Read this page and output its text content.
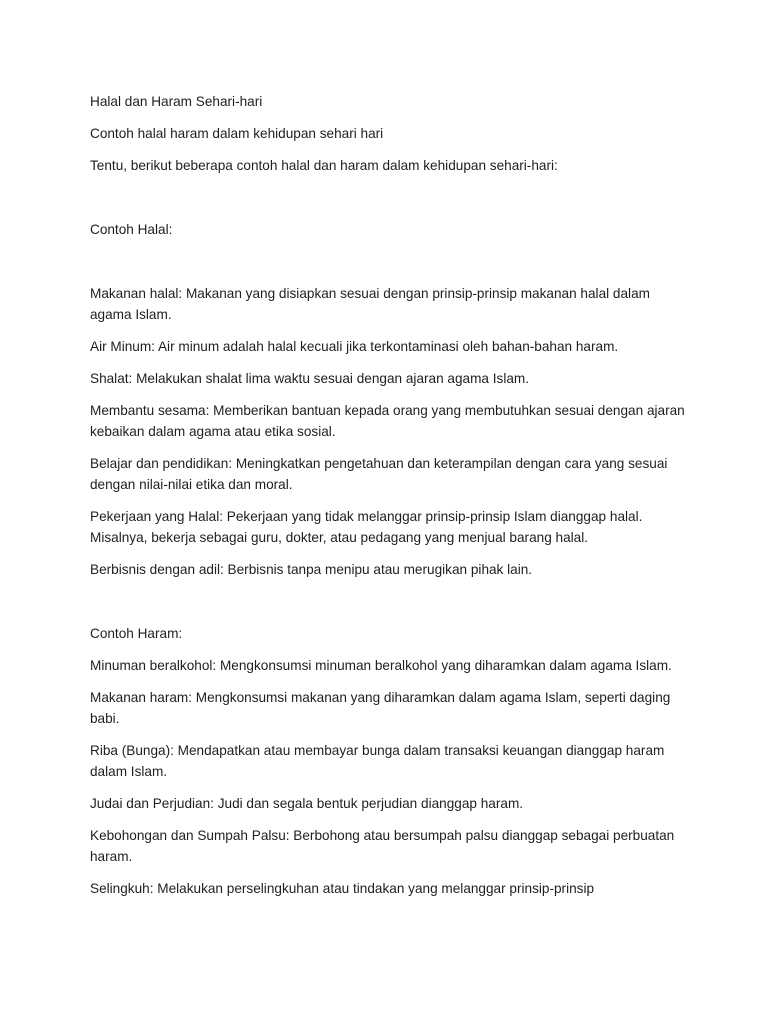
Halal dan Haram Sehari-hari

Contoh halal haram dalam kehidupan sehari hari

Tentu, berikut beberapa contoh halal dan haram dalam kehidupan sehari-hari:

Contoh Halal:

Makanan halal: Makanan yang disiapkan sesuai dengan prinsip-prinsip makanan halal dalam agama Islam.

Air Minum: Air minum adalah halal kecuali jika terkontaminasi oleh bahan-bahan haram.

Shalat: Melakukan shalat lima waktu sesuai dengan ajaran agama Islam.

Membantu sesama: Memberikan bantuan kepada orang yang membutuhkan sesuai dengan ajaran kebaikan dalam agama atau etika sosial.

Belajar dan pendidikan: Meningkatkan pengetahuan dan keterampilan dengan cara yang sesuai dengan nilai-nilai etika dan moral.

Pekerjaan yang Halal: Pekerjaan yang tidak melanggar prinsip-prinsip Islam dianggap halal. Misalnya, bekerja sebagai guru, dokter, atau pedagang yang menjual barang halal.

Berbisnis dengan adil: Berbisnis tanpa menipu atau merugikan pihak lain.

Contoh Haram:

Minuman beralkohol: Mengkonsumsi minuman beralkohol yang diharamkan dalam agama Islam.

Makanan haram: Mengkonsumsi makanan yang diharamkan dalam agama Islam, seperti daging babi.

Riba (Bunga): Mendapatkan atau membayar bunga dalam transaksi keuangan dianggap haram dalam Islam.

Judai dan Perjudian: Judi dan segala bentuk perjudian dianggap haram.

Kebohongan dan Sumpah Palsu: Berbohong atau bersumpah palsu dianggap sebagai perbuatan haram.

Selingkuh: Melakukan perselingkuhan atau tindakan yang melanggar prinsip-prinsip
